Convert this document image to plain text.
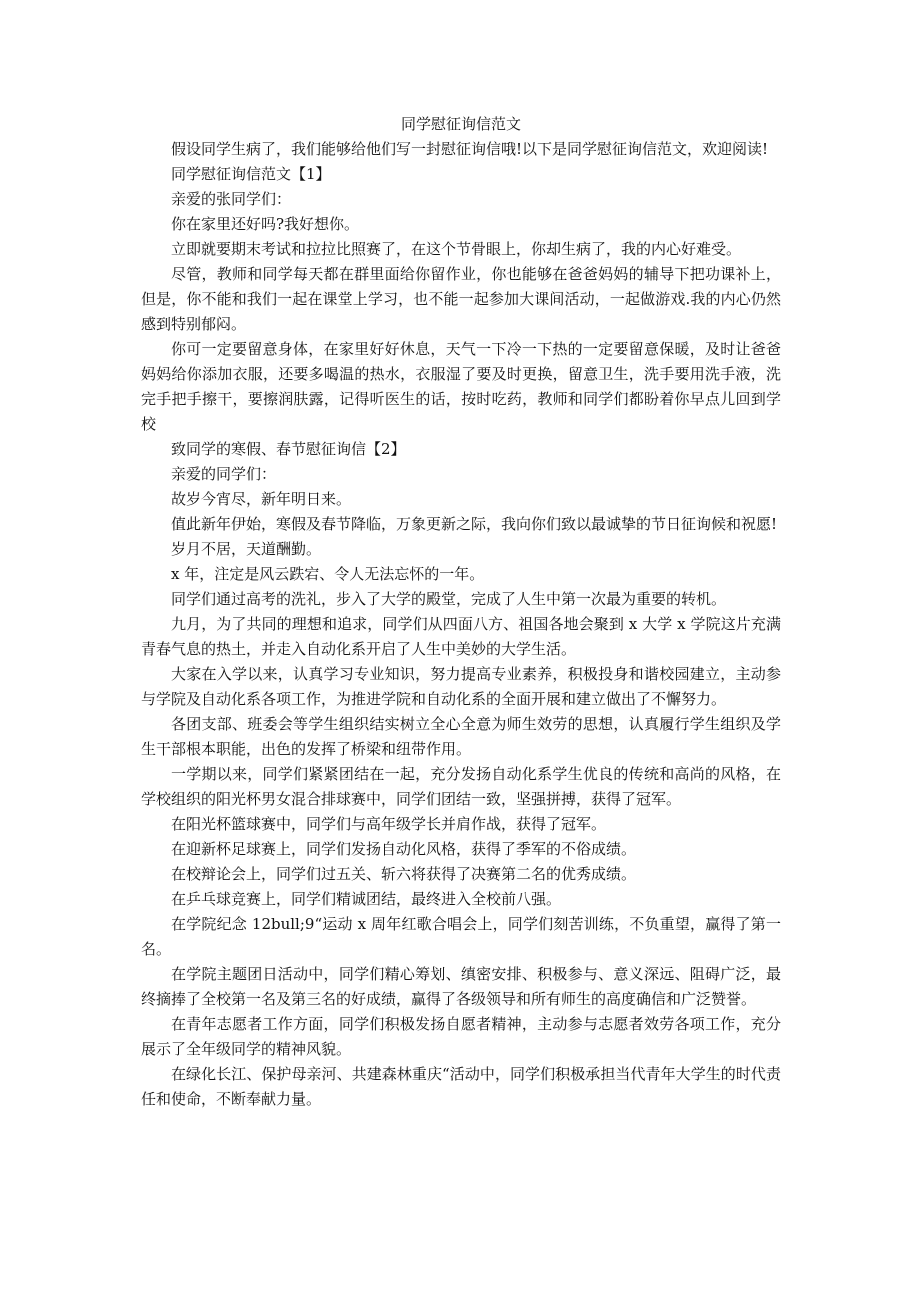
同学慰征询信范文

假设同学生病了，我们能够给他们写一封慰征询信哦!以下是同学慰征询信范文，欢迎阅读!

同学慰征询信范文【1】

亲爱的张同学们：

你在家里还好吗?我好想你。

立即就要期末考试和拉拉比照赛了，在这个节骨眼上，你却生病了，我的内心好难受。

尽管，教师和同学每天都在群里面给你留作业，你也能够在爸爸妈妈的辅导下把功课补上，但是，你不能和我们一起在课堂上学习，也不能一起参加大课间活动，一起做游戏.我的内心仍然感到特别郁闷。

你可一定要留意身体，在家里好好休息，天气一下冷一下热的一定要留意保暖，及时让爸爸妈妈给你添加衣服，还要多喝温的热水，衣服湿了要及时更换，留意卫生，洗手要用洗手液，洗完手把手擦干，要擦润肤露，记得听医生的话，按时吃药，教师和同学们都盼着你早点儿回到学校

致同学的寒假、春节慰征询信【2】

亲爱的同学们：

故岁今宵尽，新年明日来。

值此新年伊始，寒假及春节降临，万象更新之际，我向你们致以最诚挚的节日征询候和祝愿!

岁月不居，天道酬勤。

x 年，注定是风云跌宕、令人无法忘怀的一年。

同学们通过高考的洗礼，步入了大学的殿堂，完成了人生中第一次最为重要的转机。

九月，为了共同的理想和追求，同学们从四面八方、祖国各地会聚到 x 大学 x 学院这片充满青春气息的热土，并走入自动化系开启了人生中美妙的大学生活。

大家在入学以来，认真学习专业知识，努力提高专业素养，积极投身和谐校园建立，主动参与学院及自动化系各项工作，为推进学院和自动化系的全面开展和建立做出了不懈努力。

各团支部、班委会等学生组织结实树立全心全意为师生效劳的思想，认真履行学生组织及学生干部根本职能，出色的发挥了桥梁和纽带作用。

一学期以来，同学们紧紧团结在一起，充分发扬自动化系学生优良的传统和高尚的风格，在学校组织的阳光杯男女混合排球赛中，同学们团结一致，坚强拼搏，获得了冠军。

在阳光杯篮球赛中，同学们与高年级学长并肩作战，获得了冠军。

在迎新杯足球赛上，同学们发扬自动化风格，获得了季军的不俗成绩。

在校辩论会上，同学们过五关、斩六将获得了决赛第二名的优秀成绩。

在乒乓球竞赛上，同学们精诚团结，最终进入全校前八强。

在学院纪念 12bull;9“运动 x 周年红歌合唱会上，同学们刻苦训练，不负重望，赢得了第一名。

在学院主题团日活动中，同学们精心筹划、缜密安排、积极参与、意义深远、阻碍广泛，最终摘捧了全校第一名及第三名的好成绩，赢得了各级领导和所有师生的高度确信和广泛赞誉。

在青年志愿者工作方面，同学们积极发扬自愿者精神，主动参与志愿者效劳各项工作，充分展示了全年级同学的精神风貌。

在绿化长江、保护母亲河、共建森林重庆“活动中，同学们积极承担当代青年大学生的时代责任和使命，不断奉献力量。
